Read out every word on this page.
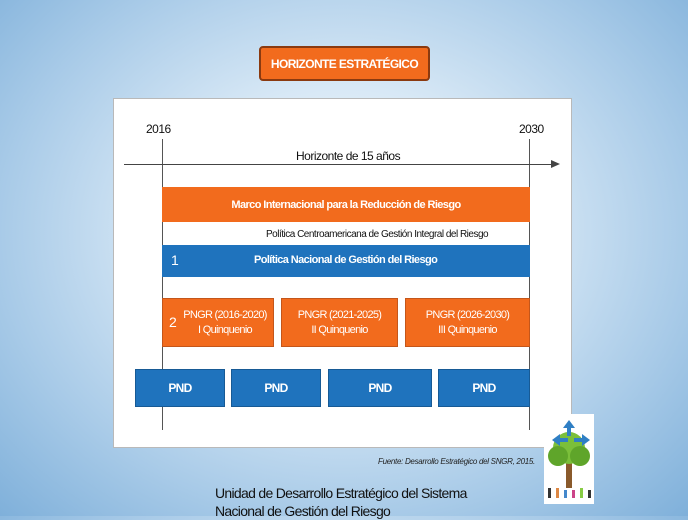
HORIZONTE ESTRATÉGICO
2016	2030
Horizonte de 15 años
Marco Internacional para la Reducción de Riesgo
Política Centroamericana de Gestión Integral del Riesgo
1	Política Nacional de Gestión del Riesgo
PNGR (2016-2020)
I Quinquenio
2	PNGR (2021-2025)
II Quinquenio
PNGR (2026-2030)
III Quinquenio
PND	PND	PND	PND
Fuente: Desarrollo Estratégico del SNGR, 2015.
Unidad de Desarrollo Estratégico del Sistema Nacional de Gestión del Riesgo
